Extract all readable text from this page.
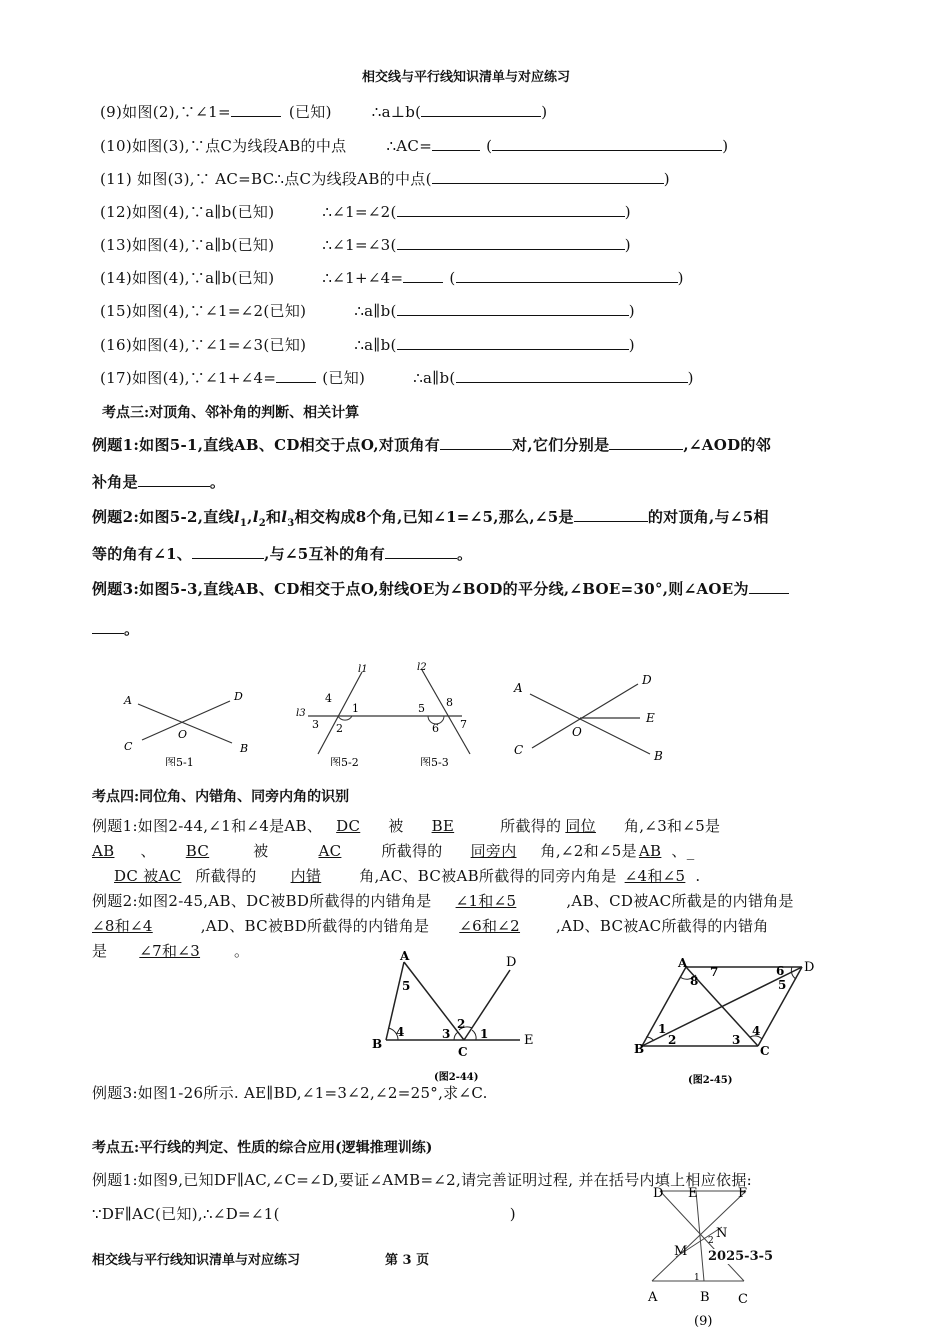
相交线与平行线知识清单与对应练习
(9)如图(2),∵∠1=	(已知)	∴a⊥b(	)
(10)如图(3),∵点C为线段AB的中点	∴AC=	(	)
(11) 如图(3),∵ AC=BC∴点C为线段AB的中点(	)
(12)如图(4),∵a∥b(已知)	∴∠1=∠2(	)
(13)如图(4),∵a∥b(已知)	∴∠1=∠3(	)
(14)如图(4),∵a∥b(已知)	∴∠1+∠4=	(	)
(15)如图(4),∵∠1=∠2(已知)	∴a∥b(	)
(16)如图(4),∵∠1=∠3(已知)	∴a∥b(	)
(17)如图(4),∵∠1+∠4=	(已知)	∴a∥b(	)
考点三:对顶角、邻补角的判断、相关计算
例题1:如图5-1,直线AB、CD相交于点O,对顶角有	对,它们分别是	,∠AOD的邻
补角是	。
例题2:如图5-2,直线$l_1,l_2$和$l_3$相交构成8个角,已知∠1=∠5,那么,∠5是	的对顶角,与∠5相
等的角有∠1、	,与∠5互补的角有	。
例题3:如图5-3,直线AB、CD相交于点O,射线OE为∠BOD的平分线,∠BOE=30°,则∠AOE为
。
A	D
O
C	B
图5-1
l1	l2
4
1
2
3
l3	5 8
6 7
图5-2
A
D
E
O
C	B
图5-3
考点四:同位角、内错角、同旁内角的识别
例题1:如图2-44,∠1和∠4是AB、 DC 被 BE	所截得的 同位 角,∠3和∠5是
AB 、 BC	被	AC	所截得的 同旁内 角,∠2和∠5是 AB 、_
DC 被AC 所截得的 内错	角,AC、BC被AB所截得的同旁内角是 ∠4和∠5 .
例题2:如图2-45,AB、DC被BD所截得的内错角是 ∠1和∠5	,AB、CD被AC所截是的内错角是
∠8和∠4	,AD、BC被BD所截得的内错角是 ∠6和∠2 ,AD、BC被AC所截得的内错角
是 ∠7和∠3 。	A
5
D
2
4	3 1
B
C
E
(图2-44)
A
7	D
6
8	5
1	4
2	3
B	C
(图2-45)
例题3:如图1-26所示. AE∥BD,∠1=3∠2,∠2=25°,求∠C.
考点五:平行线的判定、性质的综合应用(逻辑推理训练)
例题1:如图9,已知DF∥AC,∠C=∠D,要证∠AMB=∠2,请完善证明过程, 并在括号内填上相应依据:
∵DF∥AC(已知),∴∠D=∠1(	)
D E	F
N
2
M
1
A	B C
(9)
相交线与平行线知识清单与对应练习	第 3 页	2025-3-5
